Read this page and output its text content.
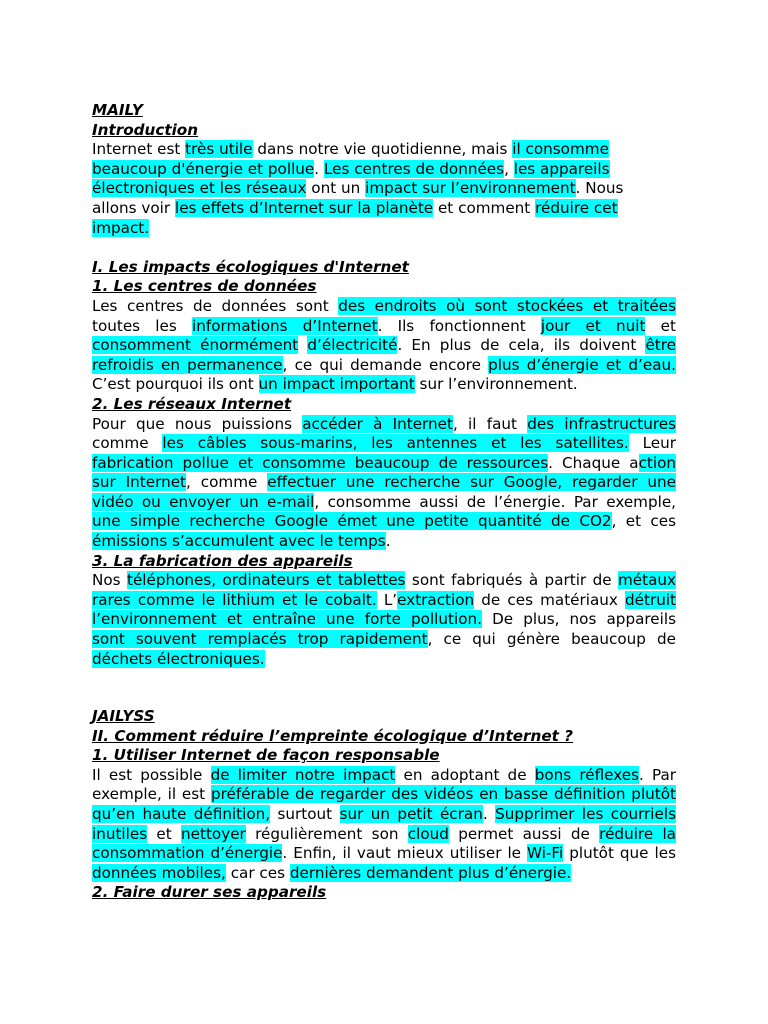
MAILY
Introduction
Internet est très utile dans notre vie quotidienne, mais il consomme
beaucoup d'énergie et pollue. Les centres de données, les appareils
électroniques et les réseaux ont un impact sur l’environnement. Nous
allons voir les effets d’Internet sur la planète et comment réduire cet
impact.
I. Les impacts écologiques d'Internet
1. Les centres de données
Les centres de données sont des endroits où sont stockées et traitées
toutes les informations d’Internet. Ils fonctionnent jour et nuit et
consomment énormément d’électricité. En plus de cela, ils doivent être
refroidis en permanence, ce qui demande encore plus d’énergie et d’eau.
C’est pourquoi ils ont un impact important sur l’environnement.
2. Les réseaux Internet
Pour que nous puissions accéder à Internet, il faut des infrastructures
comme les câbles sous-marins, les antennes et les satellites. Leur
fabrication pollue et consomme beaucoup de ressources. Chaque action
sur Internet, comme effectuer une recherche sur Google, regarder une
vidéo ou envoyer un e-mail, consomme aussi de l’énergie. Par exemple,
une simple recherche Google émet une petite quantité de CO2, et ces
émissions s’accumulent avec le temps.
3. La fabrication des appareils
Nos téléphones, ordinateurs et tablettes sont fabriqués à partir de métaux
rares comme le lithium et le cobalt. L’extraction de ces matériaux détruit
l’environnement et entraîne une forte pollution. De plus, nos appareils
sont souvent remplacés trop rapidement, ce qui génère beaucoup de
déchets électroniques.
JAILYSS
II. Comment réduire l’empreinte écologique d’Internet ?
1. Utiliser Internet de façon responsable
Il est possible de limiter notre impact en adoptant de bons réflexes. Par
exemple, il est préférable de regarder des vidéos en basse définition plutôt
qu’en haute définition, surtout sur un petit écran. Supprimer les courriels
inutiles et nettoyer régulièrement son cloud permet aussi de réduire la
consommation d’énergie. Enfin, il vaut mieux utiliser le Wi-Fi plutôt que les
données mobiles, car ces dernières demandent plus d’énergie.
2. Faire durer ses appareils
